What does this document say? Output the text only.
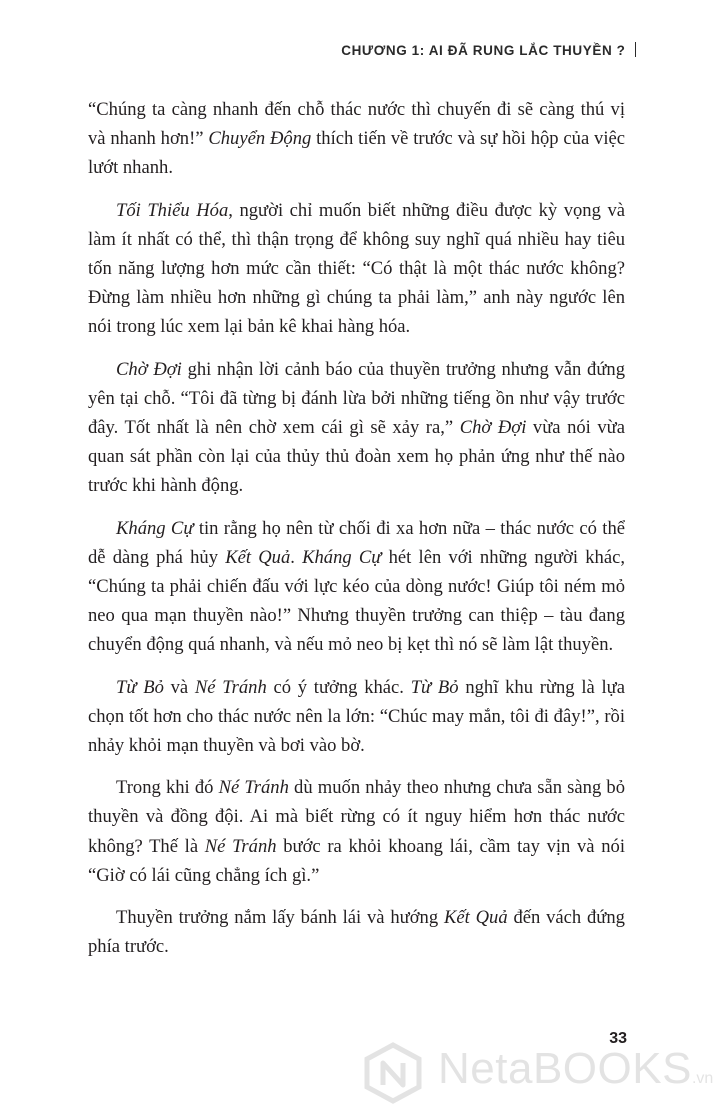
CHƯƠNG 1: AI ĐÃ RUNG LẮC THUYỀN ?

“Chúng ta càng nhanh đến chỗ thác nước thì chuyến đi sẽ càng thú vị và nhanh hơn!” Chuyển Động thích tiến về trước và sự hồi hộp của việc lướt nhanh.

Tối Thiểu Hóa, người chỉ muốn biết những điều được kỳ vọng và làm ít nhất có thể, thì thận trọng để không suy nghĩ quá nhiều hay tiêu tốn năng lượng hơn mức cần thiết: “Có thật là một thác nước không? Đừng làm nhiều hơn những gì chúng ta phải làm,” anh này ngước lên nói trong lúc xem lại bản kê khai hàng hóa.

Chờ Đợi ghi nhận lời cảnh báo của thuyền trưởng nhưng vẫn đứng yên tại chỗ. “Tôi đã từng bị đánh lừa bởi những tiếng ồn như vậy trước đây. Tốt nhất là nên chờ xem cái gì sẽ xảy ra,” Chờ Đợi vừa nói vừa quan sát phần còn lại của thủy thủ đoàn xem họ phản ứng như thế nào trước khi hành động.

Kháng Cự tin rằng họ nên từ chối đi xa hơn nữa – thác nước có thể dễ dàng phá hủy Kết Quả. Kháng Cự hét lên với những người khác, “Chúng ta phải chiến đấu với lực kéo của dòng nước! Giúp tôi ném mỏ neo qua mạn thuyền nào!” Nhưng thuyền trưởng can thiệp – tàu đang chuyển động quá nhanh, và nếu mỏ neo bị kẹt thì nó sẽ làm lật thuyền.

Từ Bỏ và Né Tránh có ý tưởng khác. Từ Bỏ nghĩ khu rừng là lựa chọn tốt hơn cho thác nước nên la lớn: “Chúc may mắn, tôi đi đây!”, rồi nhảy khỏi mạn thuyền và bơi vào bờ.

Trong khi đó Né Tránh dù muốn nhảy theo nhưng chưa sẵn sàng bỏ thuyền và đồng đội. Ai mà biết rừng có ít nguy hiểm hơn thác nước không? Thế là Né Tránh bước ra khỏi khoang lái, cầm tay vịn và nói “Giờ có lái cũng chẳng ích gì.”

Thuyền trưởng nắm lấy bánh lái và hướng Kết Quả đến vách đứng phía trước.

33
NetaBOOKS.vn
